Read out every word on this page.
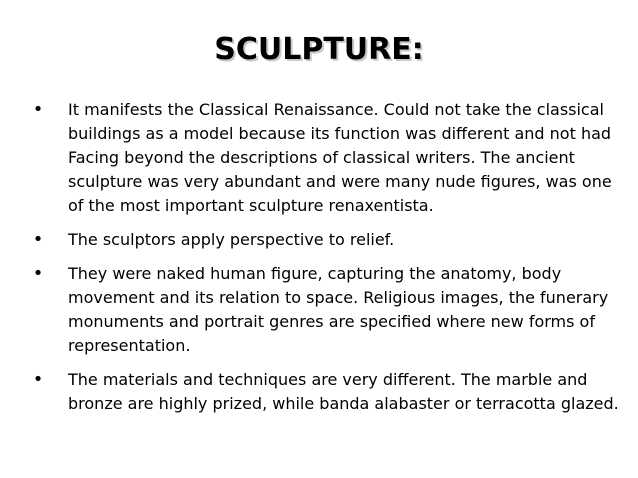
SCULPTURE:
• It manifests the Classical Renaissance. Could not take the classical buildings as a model because its function was different and not had Facing beyond the descriptions of classical writers. The ancient sculpture was very abundant and were many nude figures, was one of the most important sculpture renaxentista.
• The sculptors apply perspective to relief.
• They were naked human figure, capturing the anatomy, body movement and its relation to space. Religious images, the funerary monuments and portrait genres are specified where new forms of representation.
• The materials and techniques are very different. The marble and bronze are highly prized, while banda alabaster or terracotta glazed.
